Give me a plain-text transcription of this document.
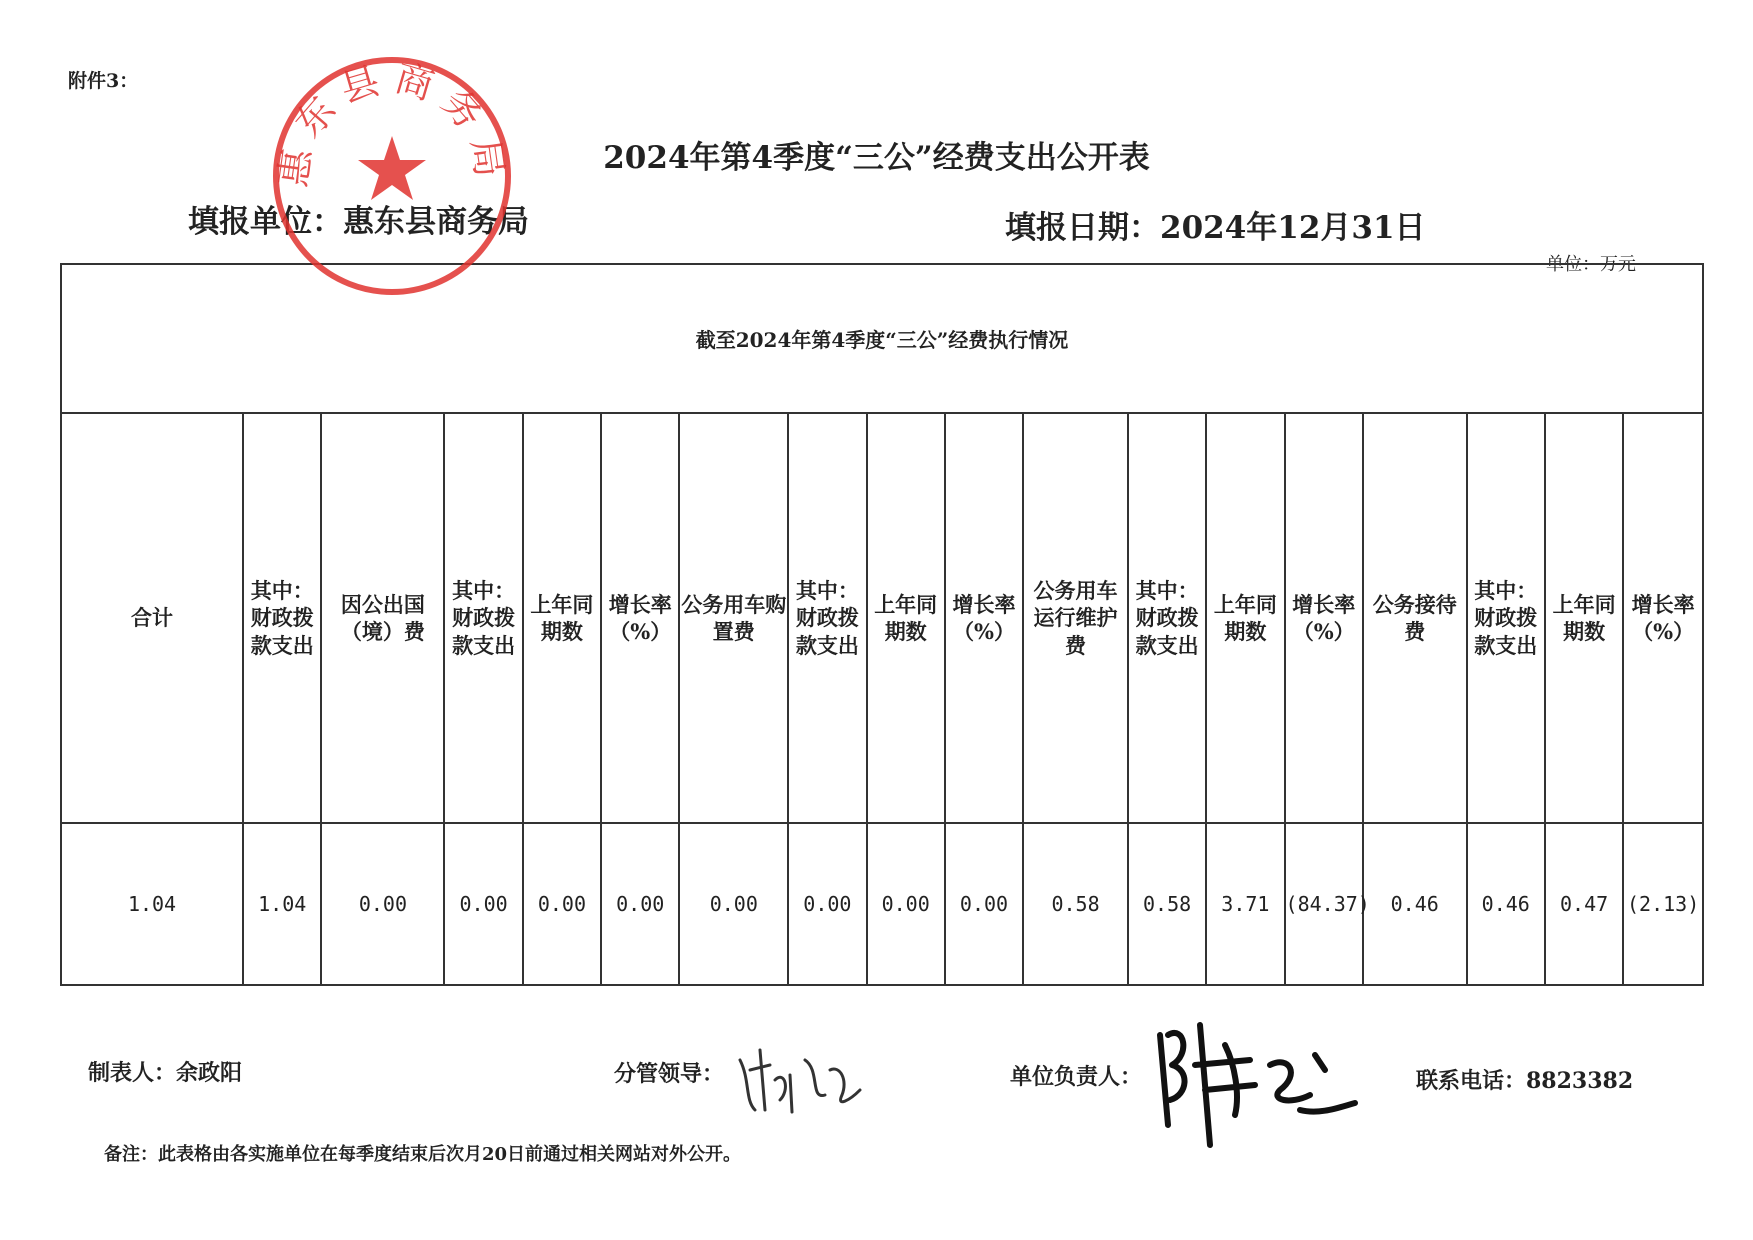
附件3：
2024年第4季度“三公”经费支出公开表
填报单位：惠东县商务局	填报日期：2024年12月31日
单位：万元
截至2024年第4季度“三公”经费执行情况																	
合计	其中：财政拨款支出	因公出国（境）费	其中：财政拨款支出	上年同期数	增长率（%）	公务用车购置费	其中：财政拨款支出	上年同期数	增长率（%）	公务用车运行维护费	其中：财政拨款支出	上年同期数	增长率（%）	公务接待费	其中：财政拨款支出	上年同期数	增长率（%）
1.04	1.04	0.00	0.00	0.00	0.00	0.00	0.00	0.00	0.00	0.58	0.58	3.71	(84.37)	0.46	0.46	0.47	(2.13)
制表人：余政阳	分管领导：	单位负责人：	联系电话：8823382
备注：此表格由各实施单位在每季度结束后次月20日前通过相关网站对外公开。
惠东县商务局
